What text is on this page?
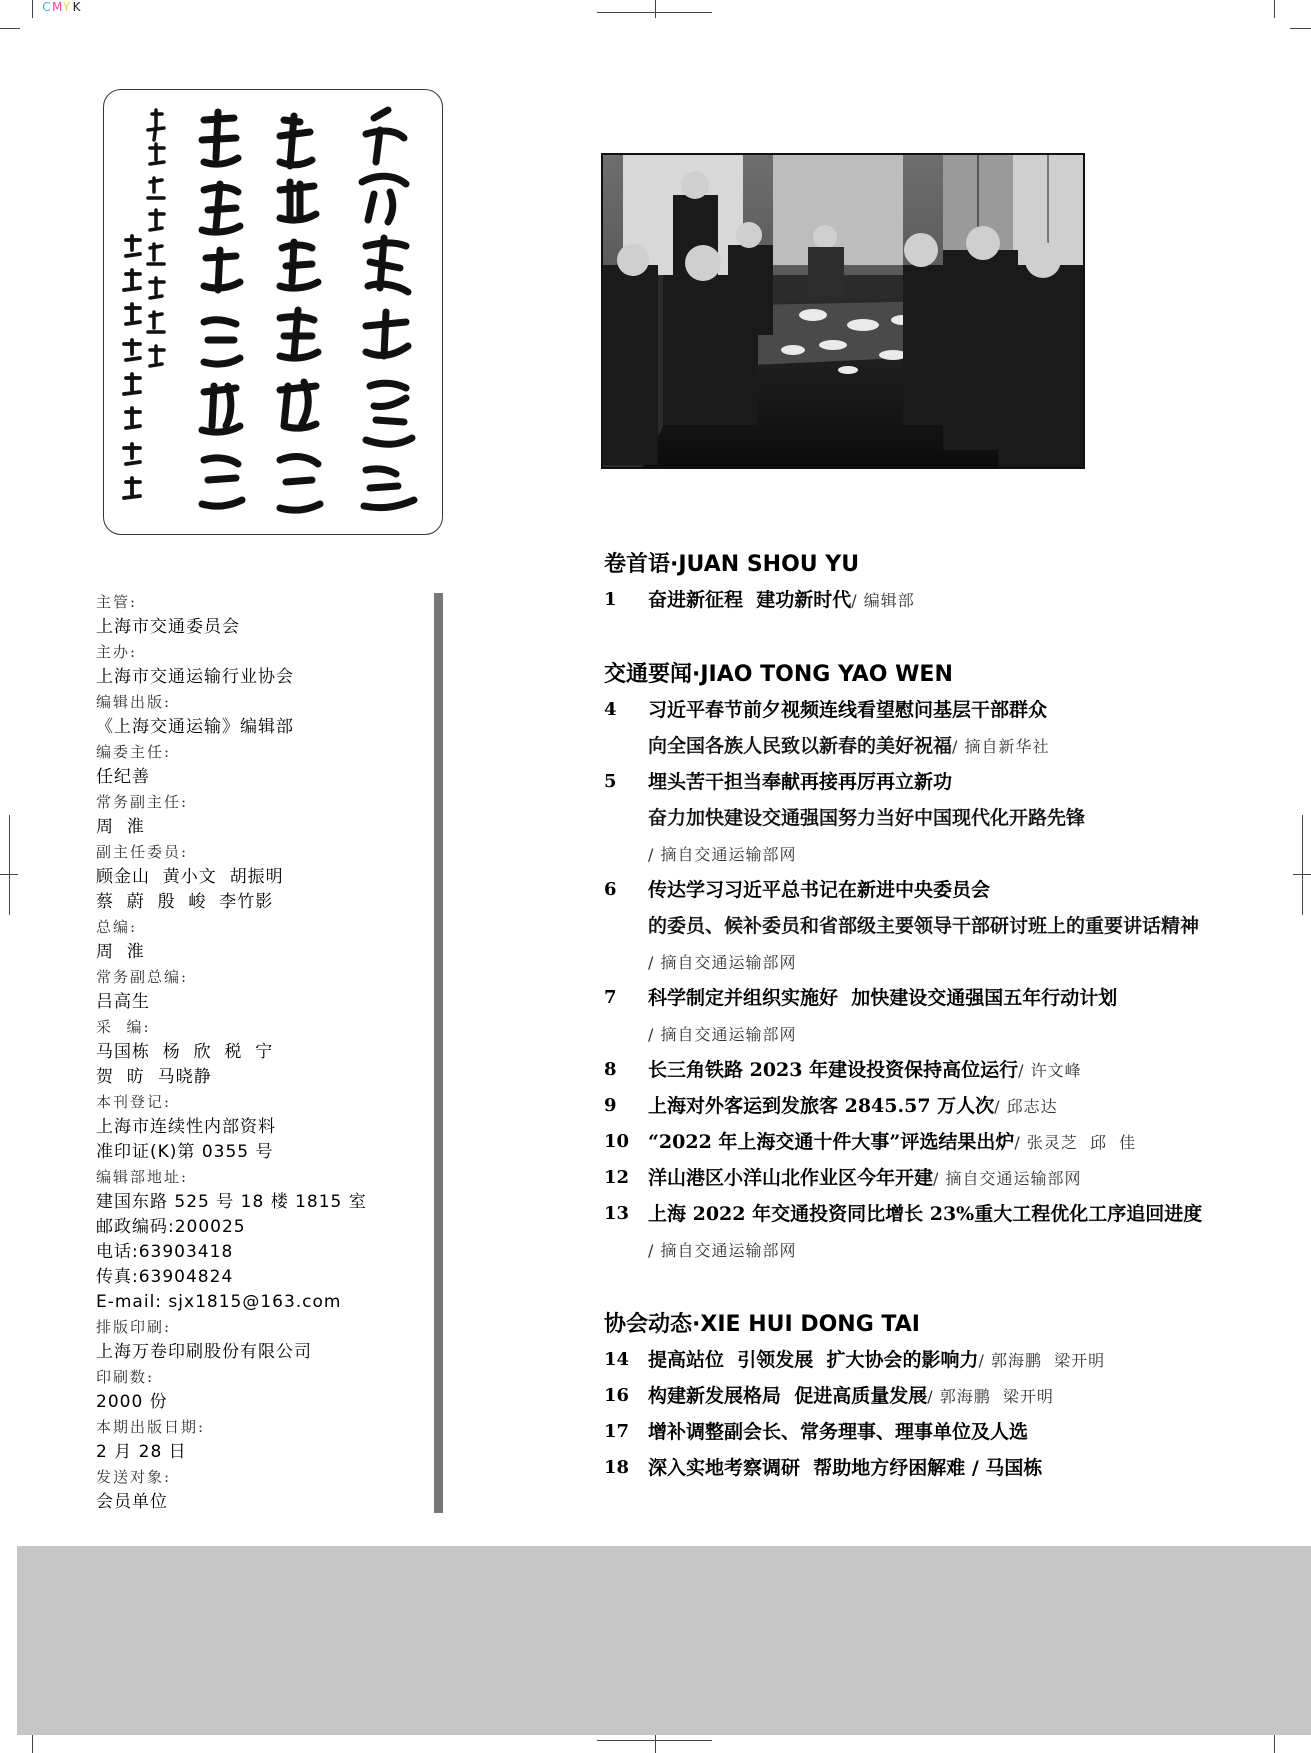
CMYK
主管:
上海市交通委员会
主办:
上海市交通运输行业协会
编辑出版:
《上海交通运输》编辑部
编委主任:
任纪善
常务副主任:
周  淮
副主任委员:
顾金山  黄小文  胡振明
蔡  蔚  殷  峻  李竹影
总编:
周  淮
常务副总编:
吕高生
采  编:
马国栋  杨  欣  税  宁
贺  昉  马晓静
本刊登记:
上海市连续性内部资料
准印证(K)第 0355 号
编辑部地址:
建国东路 525 号 18 楼 1815 室
邮政编码:200025
电话:63903418
传真:63904824
E-mail: sjx1815@163.com
排版印刷:
上海万卷印刷股份有限公司
印刷数:
2000 份
本期出版日期:
2 月 28 日
发送对象:
会员单位
卷首语·JUAN SHOU YU
1	奋进新征程  建功新时代/ 编辑部
交通要闻·JIAO TONG YAO WEN
4	习近平春节前夕视频连线看望慰问基层干部群众
向全国各族人民致以新春的美好祝福/ 摘自新华社
5	埋头苦干担当奉献再接再厉再立新功
奋力加快建设交通强国努力当好中国现代化开路先锋
/ 摘自交通运输部网
6	传达学习习近平总书记在新进中央委员会
的委员、候补委员和省部级主要领导干部研讨班上的重要讲话精神
/ 摘自交通运输部网
7	科学制定并组织实施好  加快建设交通强国五年行动计划
/ 摘自交通运输部网
8	长三角铁路 2023 年建设投资保持高位运行/ 许文峰
9	上海对外客运到发旅客 2845.57 万人次/ 邱志达
10 “2022 年上海交通十件大事”评选结果出炉/ 张灵芝  邱  佳
12 洋山港区小洋山北作业区今年开建/ 摘自交通运输部网
13 上海 2022 年交通投资同比增长 23%重大工程优化工序追回进度
/ 摘自交通运输部网
协会动态·XIE HUI DONG TAI
14 提高站位  引领发展  扩大协会的影响力/ 郭海鹏  梁开明
16 构建新发展格局  促进高质量发展/ 郭海鹏  梁开明
17 增补调整副会长、常务理事、理事单位及人选
18 深入实地考察调研  帮助地方纾困解难 / 马国栋
